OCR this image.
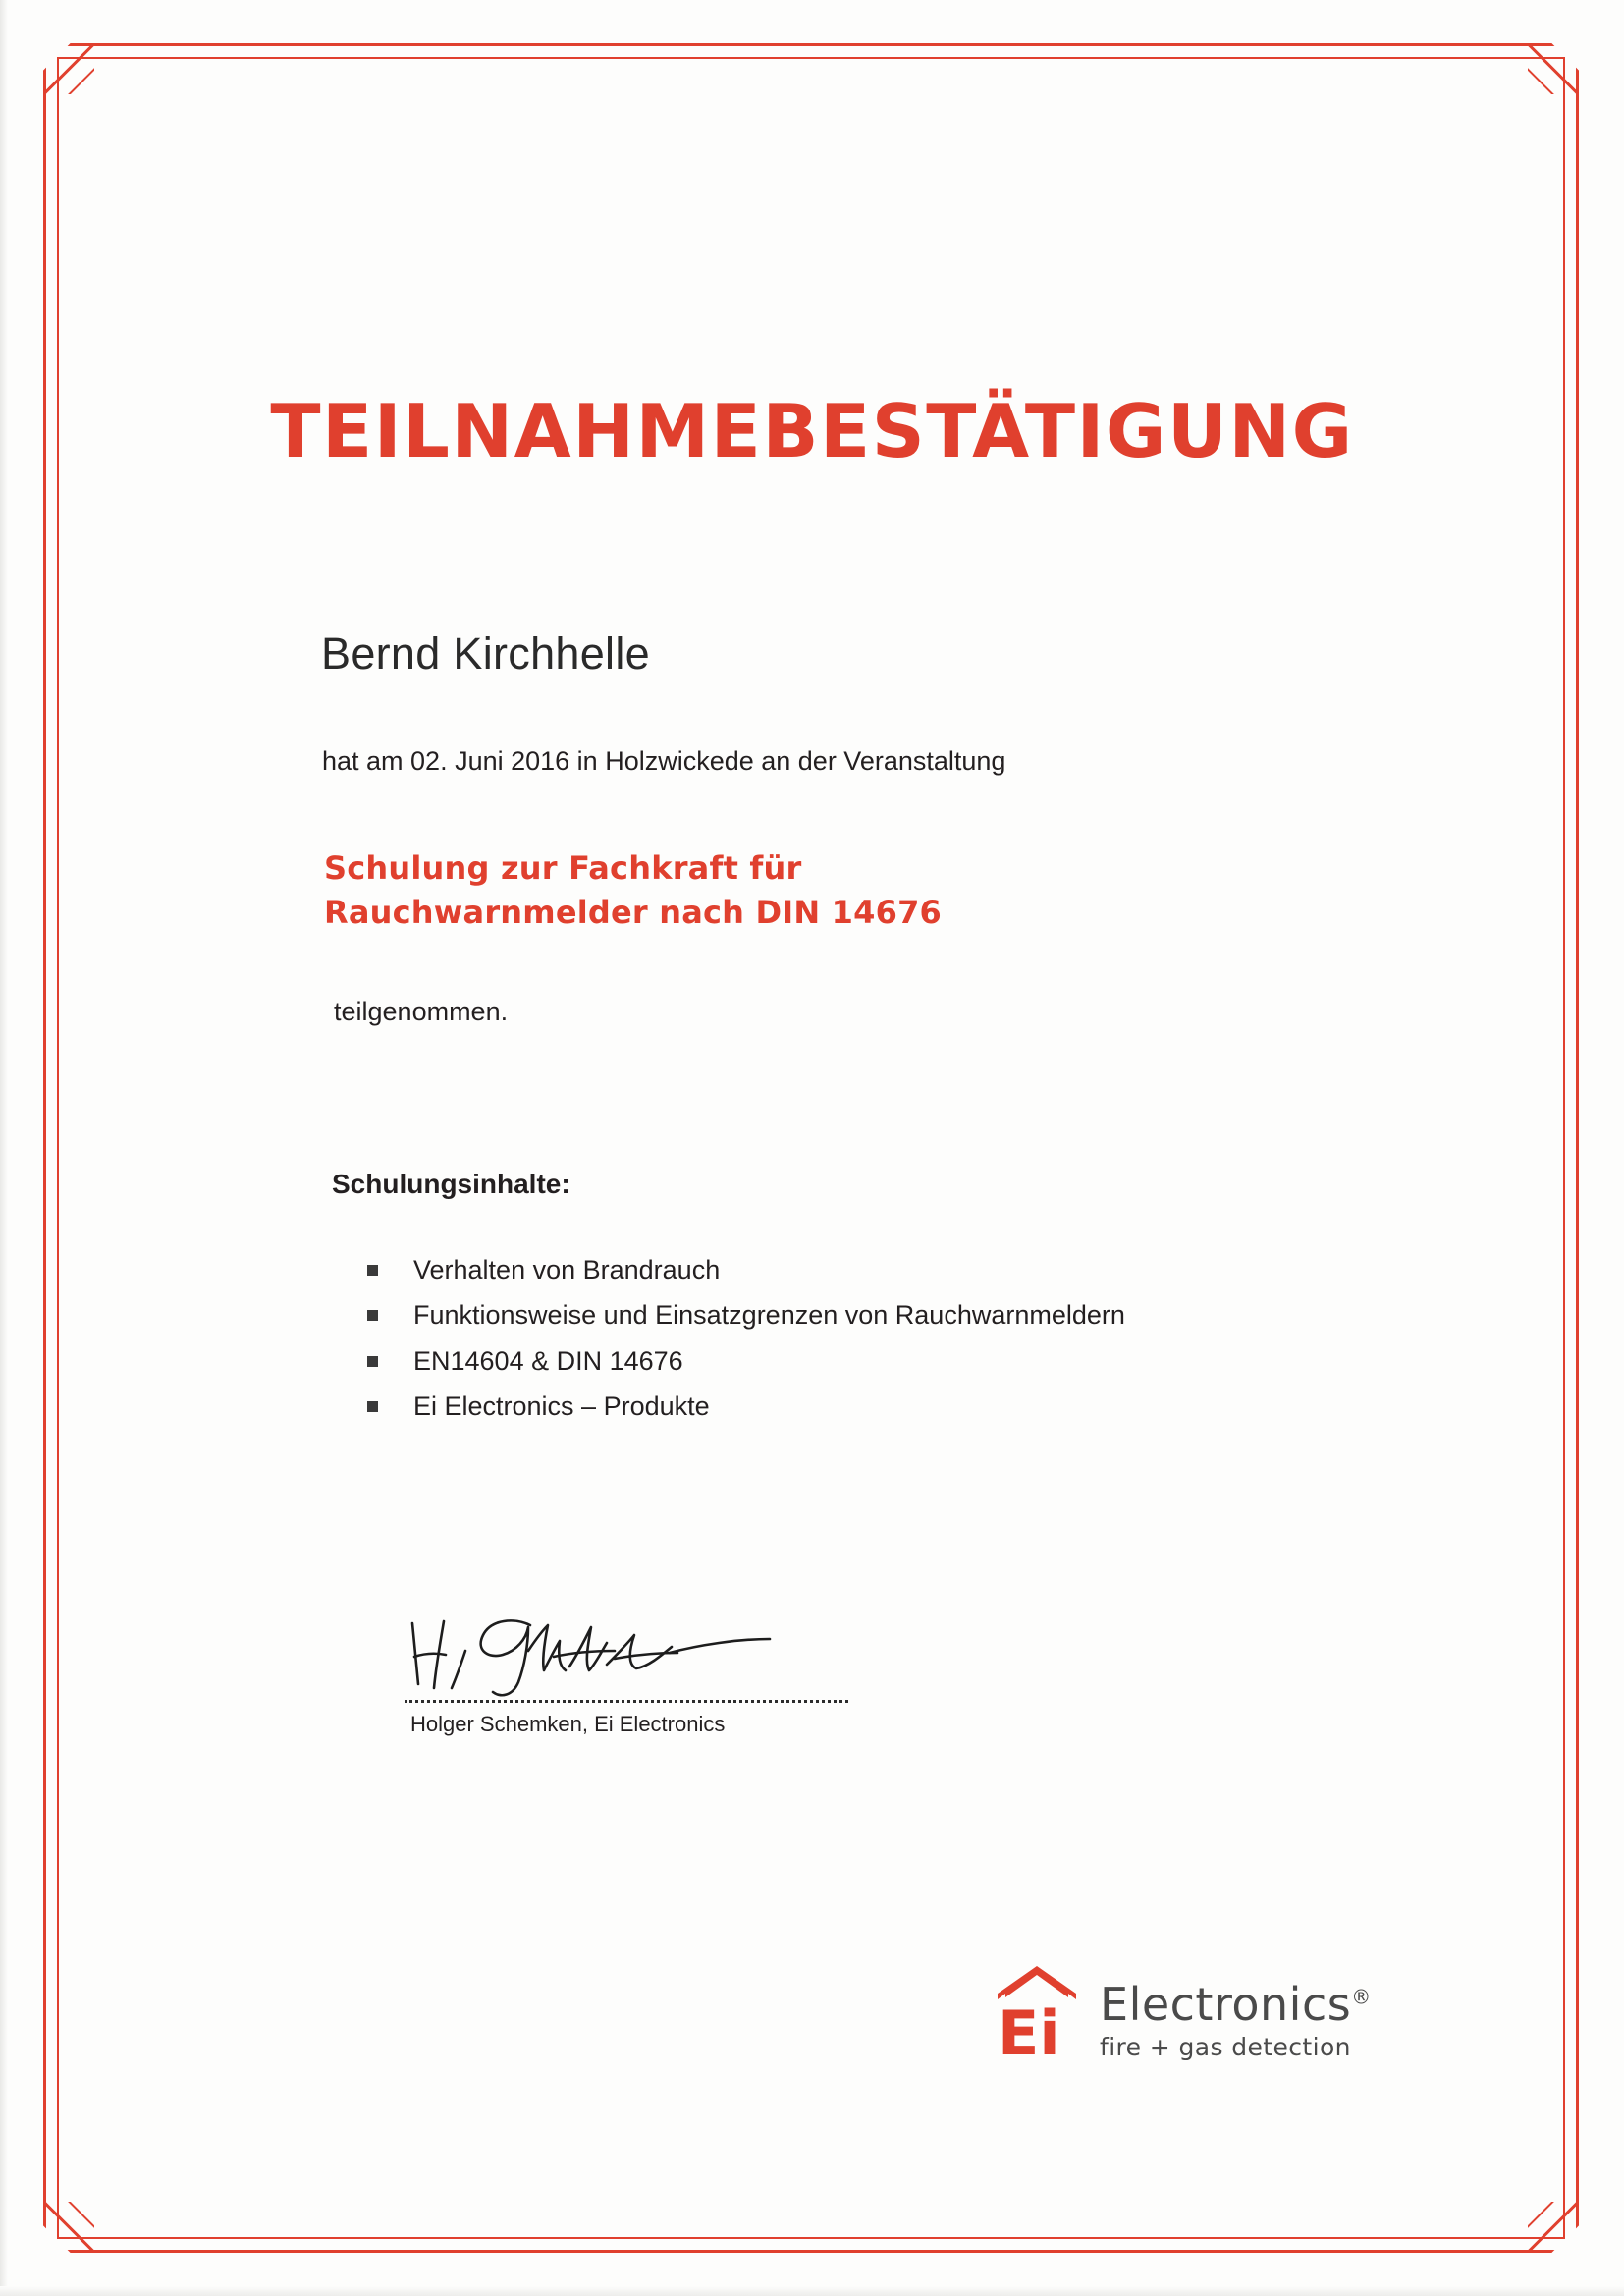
TEILNAHMEBESTÄTIGUNG
Bernd Kirchhelle
hat am 02. Juni 2016 in Holzwickede an der Veranstaltung
Schulung zur Fachkraft für
Rauchwarnmelder nach DIN 14676
teilgenommen.
Schulungsinhalte:
Verhalten von Brandrauch
Funktionsweise und Einsatzgrenzen von Rauchwarnmeldern
EN14604 & DIN 14676
Ei Electronics – Produkte
Holger Schemken, Ei Electronics
Ei Electronics®
fire + gas detection
